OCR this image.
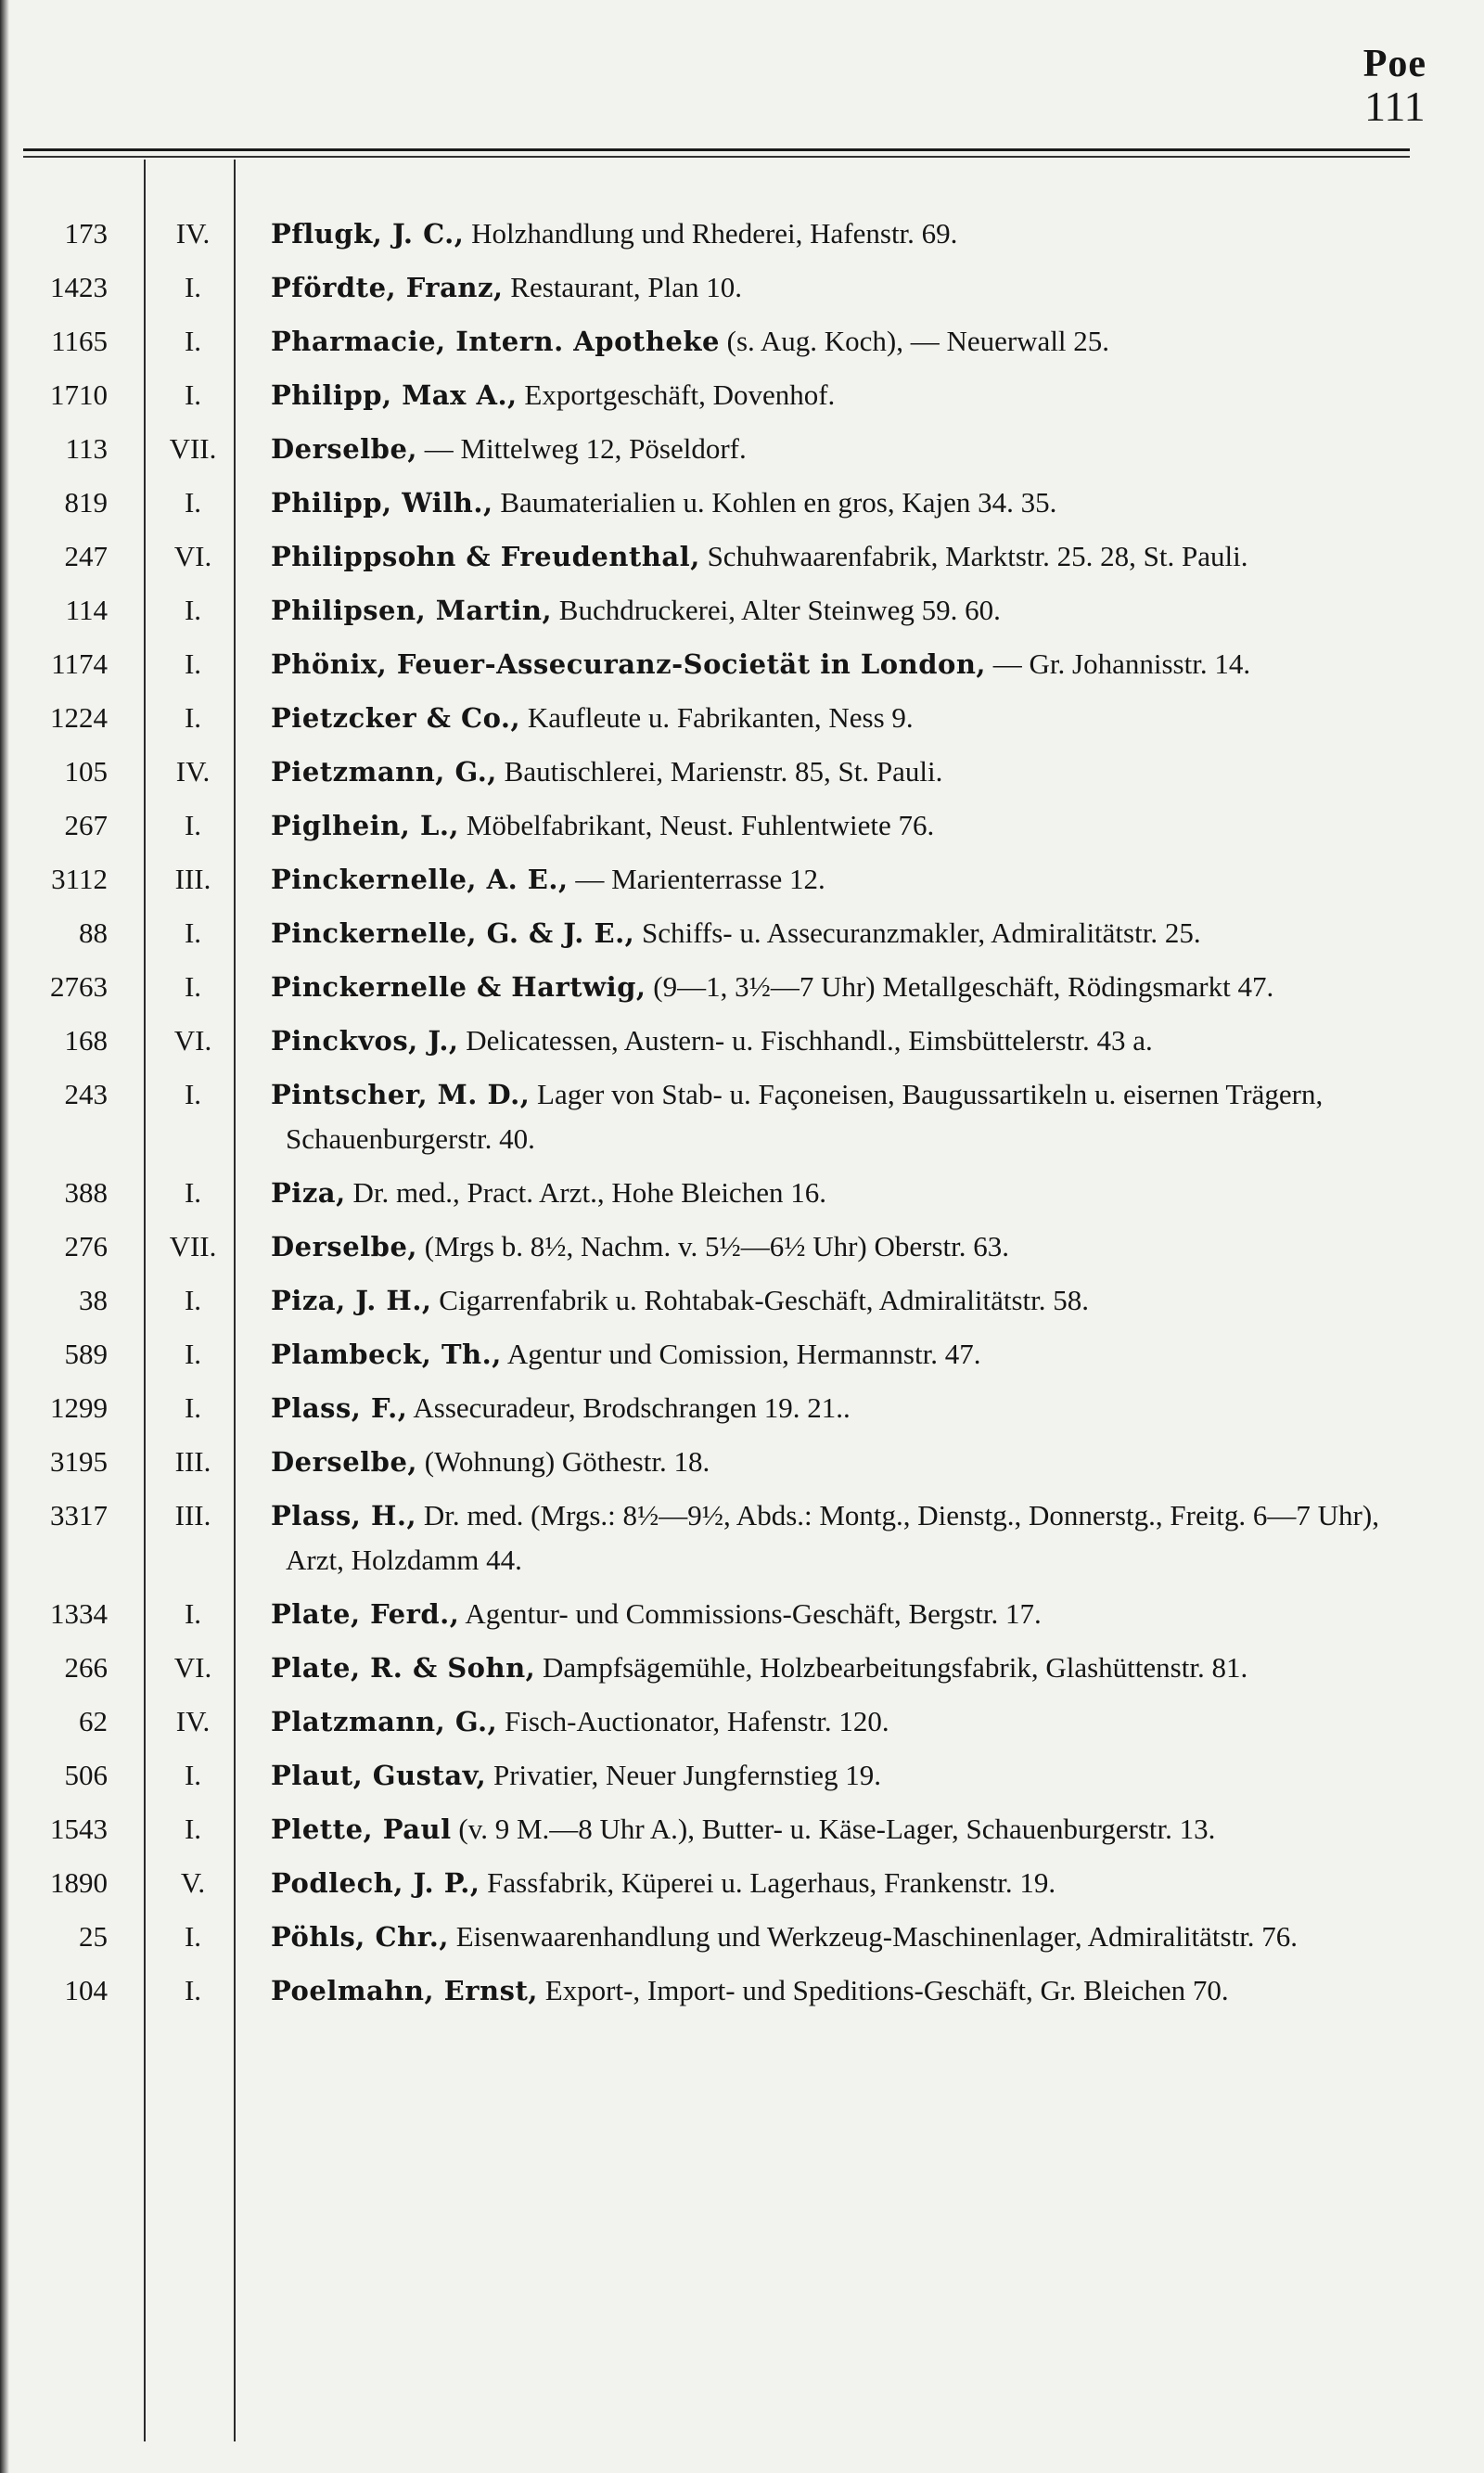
Poe
111
173	IV.	Pflugk, J. C., Holzhandlung und Rhederei, Hafenstr. 69.
1423	I.	Pfördte, Franz, Restaurant, Plan 10.
1165	I.	Pharmacie, Intern. Apotheke (s. Aug. Koch), — Neuerwall 25.
1710	I.	Philipp, Max A., Exportgeschäft, Dovenhof.
113	VII.	Derselbe, — Mittelweg 12, Pöseldorf.
819	I.	Philipp, Wilh., Baumaterialien u. Kohlen en gros, Kajen 34. 35.
247	VI.	Philippsohn & Freudenthal, Schuhwaarenfabrik, Marktstr. 25. 28, St. Pauli.
114	I.	Philipsen, Martin, Buchdruckerei, Alter Steinweg 59. 60.
1174	I.	Phönix, Feuer-Assecuranz-Societät in London, — Gr. Johannisstr. 14.
1224	I.	Pietzcker & Co., Kaufleute u. Fabrikanten, Ness 9.
105	IV.	Pietzmann, G., Bautischlerei, Marienstr. 85, St. Pauli.
267	I.	Piglhein, L., Möbelfabrikant, Neust. Fuhlentwiete 76.
3112	III.	Pinckernelle, A. E., — Marienterrasse 12.
88	I.	Pinckernelle, G. & J. E., Schiffs- u. Assecuranzmakler, Admiralitätstr. 25.
2763	I.	Pinckernelle & Hartwig, (9—1, 3½—7 Uhr) Metallgeschäft, Rödingsmarkt 47.
168	VI.	Pinckvos, J., Delicatessen, Austern- u. Fischhandl., Eimsbüttelerstr. 43 a.
243	I.	Pintscher, M. D., Lager von Stab- u. Façoneisen, Baugussartikeln u. eisernen Trägern, Schauenburgerstr. 40.
388	I.	Piza, Dr. med., Pract. Arzt., Hohe Bleichen 16.
276	VII.	Derselbe, (Mrgs b. 8½, Nachm. v. 5½—6½ Uhr) Oberstr. 63.
38	I.	Piza, J. H., Cigarrenfabrik u. Rohtabak-Geschäft, Admiralitätstr. 58.
589	I.	Plambeck, Th., Agentur und Comission, Hermannstr. 47.
1299	I.	Plass, F., Assecuradeur, Brodschrangen 19. 21..
3195	III.	Derselbe, (Wohnung) Göthestr. 18.
3317	III.	Plass, H., Dr. med. (Mrgs.: 8½—9½, Abds.: Montg., Dienstg., Donnerstg., Freitg. 6—7 Uhr), Arzt, Holzdamm 44.
1334	I.	Plate, Ferd., Agentur- und Commissions-Geschäft, Bergstr. 17.
266	VI.	Plate, R. & Sohn, Dampfsägemühle, Holzbearbeitungsfabrik, Glashüttenstr. 81.
62	IV.	Platzmann, G., Fisch-Auctionator, Hafenstr. 120.
506	I.	Plaut, Gustav, Privatier, Neuer Jungfernstieg 19.
1543	I.	Plette, Paul (v. 9 M.—8 Uhr A.), Butter- u. Käse-Lager, Schauenburgerstr. 13.
1890	V.	Podlech, J. P., Fassfabrik, Küperei u. Lagerhaus, Frankenstr. 19.
25	I.	Pöhls, Chr., Eisenwaarenhandlung und Werkzeug-Maschinenlager, Admiralitätstr. 76.
104	I.	Poelmahn, Ernst, Export-, Import- und Speditions-Geschäft, Gr. Bleichen 70.
